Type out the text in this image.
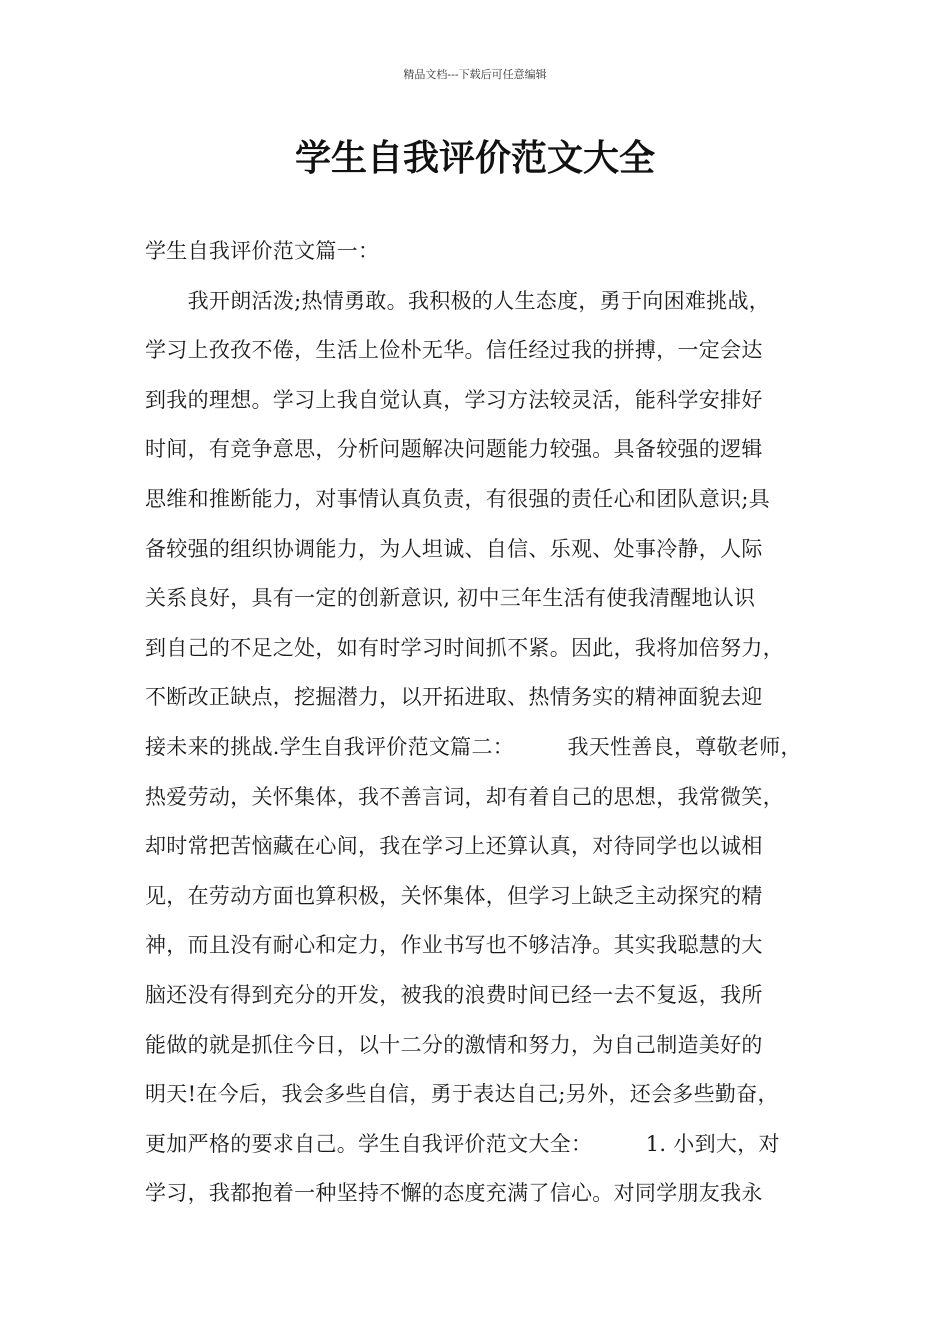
精品文档---下载后可任意编辑
学生自我评价范文大全
学生自我评价范文篇一：
　　我开朗活泼;热情勇敢。我积极的人生态度，勇于向困难挑战，
学习上孜孜不倦，生活上俭朴无华。信任经过我的拼搏，一定会达
到我的理想。学习上我自觉认真，学习方法较灵活，能科学安排好
时间，有竞争意思，分析问题解决问题能力较强。具备较强的逻辑
思维和推断能力，对事情认真负责，有很强的责任心和团队意识;具
备较强的组织协调能力，为人坦诚、自信、乐观、处事冷静，人际
关系良好，具有一定的创新意识, 初中三年生活有使我清醒地认识
到自己的不足之处，如有时学习时间抓不紧。因此，我将加倍努力，
不断改正缺点，挖掘潜力，以开拓进取、热情务实的精神面貌去迎
接未来的挑战.学生自我评价范文篇二：　　　我天性善良，尊敬老师，
热爱劳动，关怀集体，我不善言词，却有着自己的思想，我常微笑，
却时常把苦恼藏在心间，我在学习上还算认真，对待同学也以诚相
见，在劳动方面也算积极，关怀集体，但学习上缺乏主动探究的精
神，而且没有耐心和定力，作业书写也不够洁净。其实我聪慧的大
脑还没有得到充分的开发，被我的浪费时间已经一去不复返，我所
能做的就是抓住今日，以十二分的激情和努力，为自己制造美好的
明天!在今后，我会多些自信，勇于表达自己;另外，还会多些勤奋，
更加严格的要求自己。学生自我评价范文大全：　　　1. 小到大，对
学习，我都抱着一种坚持不懈的态度充满了信心。对同学朋友我永
